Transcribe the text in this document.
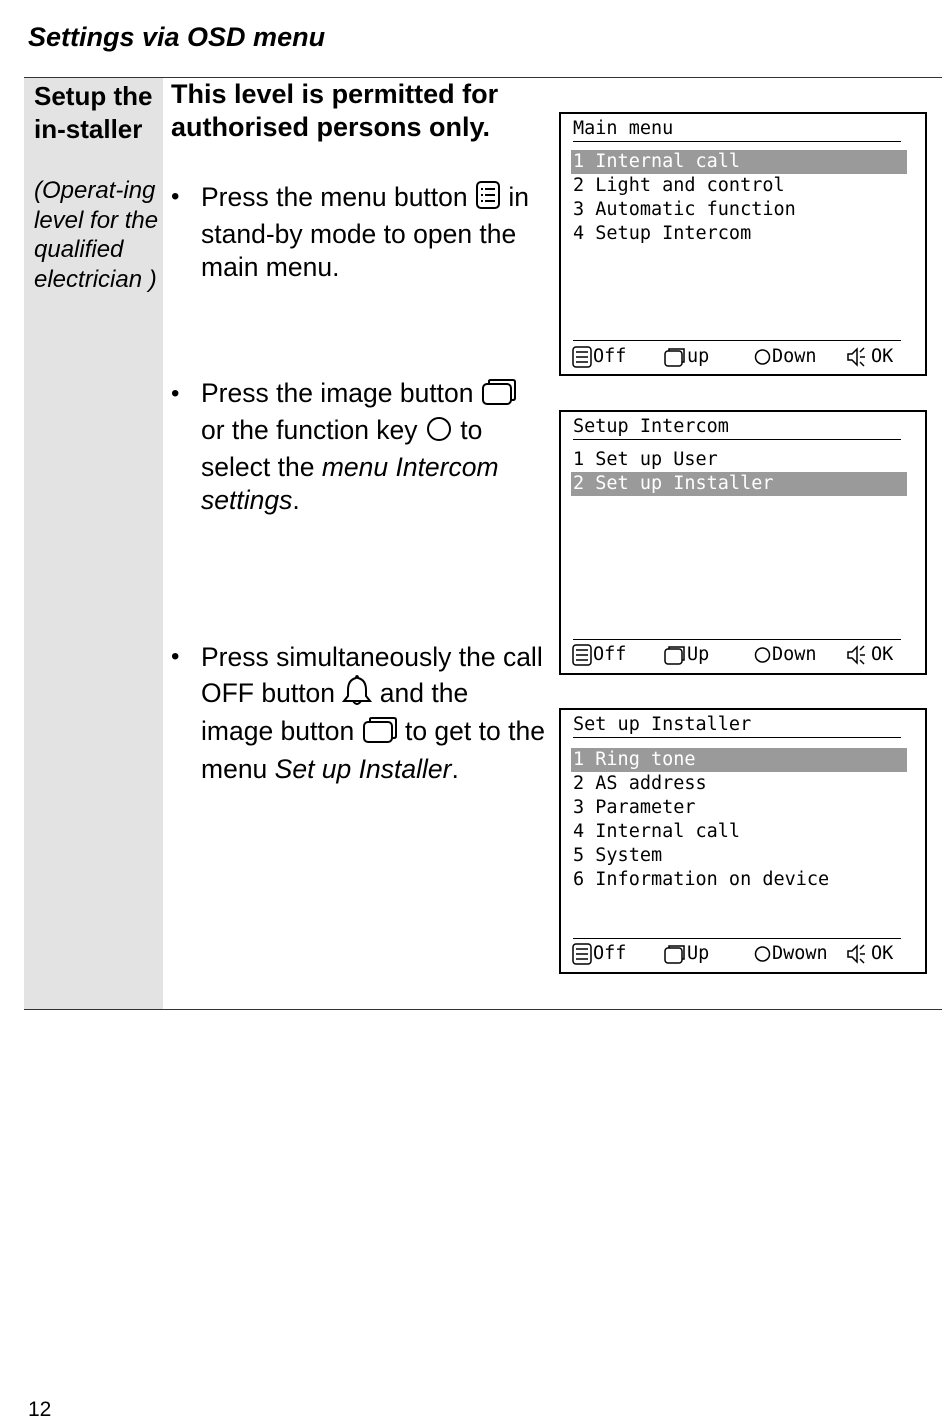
Settings via OSD menu
Setup the in-staller
(Operat-ing level for the qualified electrician )
This level is permitted for authorised persons only.
• Press the menu button in stand-by mode to open the main menu.
• Press the image button  or the function key to select the menu Intercom settings.
• Press simultaneously the call OFF button and the image button to get to the menu Set up Installer.
Main menu
1 Internal call
2 Light and control
3 Automatic function
4 Setup Intercom
Off	up	Down	OK
Setup Intercom
1 Set up User
2 Set up Installer
Off	Up	Down	OK
Set up Installer
1 Ring tone
2 AS address
3 Parameter
4 Internal call
5 System
6 Information on device
Off	Up	Dwown OK
12
